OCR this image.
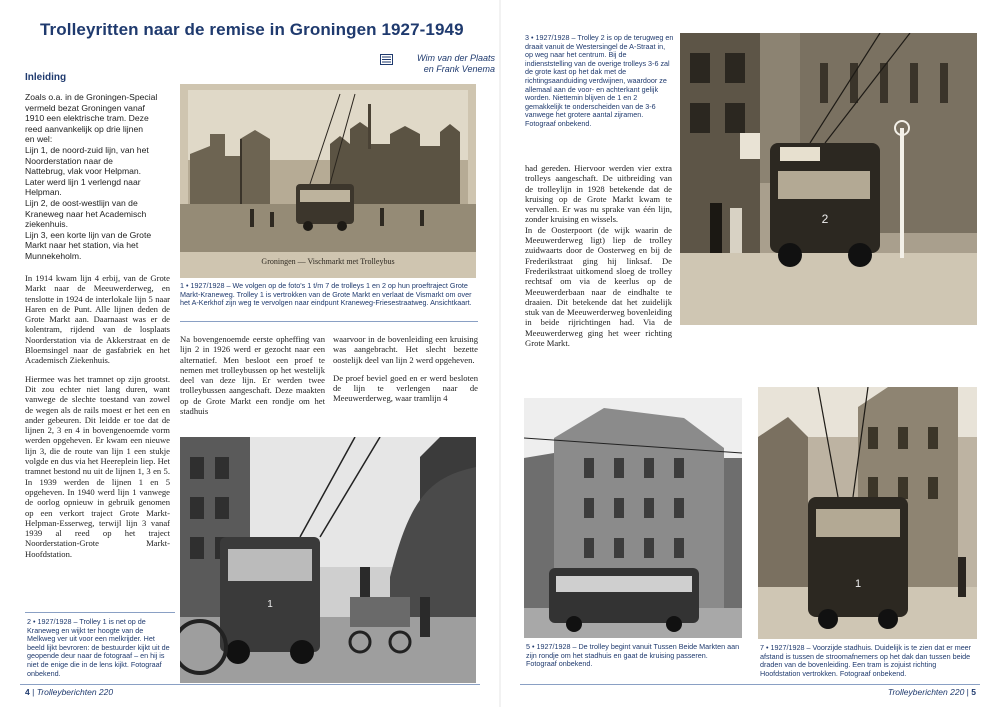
Trolleyritten naar de remise in Groningen 1927-1949
Wim van der Plaats
en Frank Venema
Inleiding

Zoals o.a. in de Groningen-Special

vermeld bezat Groningen vanaf

1910 een elektrische tram. Deze

reed aanvankelijk op drie lijnen

en wel:

Lijn 1, de noord-zuid lijn, van het

Noorderstation naar de

Nattebrug, vlak voor Helpman.

Later werd lijn 1 verlengd naar

Helpman.

Lijn 2, de oost-westlijn van de

Kraneweg naar het Academisch

ziekenhuis.

Lijn 3, een korte lijn van de Grote

Markt naar het station, via het

Munnekeholm.

Groningen — Vischmarkt met Trolleybus
1 • 1927/1928 – We volgen op de foto's 1 t/m 7 de trolleys 1 en 2 op hun proeftraject Grote Markt-Kraneweg. Trolley 1 is vertrokken van de Grote Markt en verlaat de Vismarkt om over het A-Kerkhof zijn weg te vervolgen naar eindpunt Kraneweg-Friesestraatweg. Ansichtkaart.

In 1914 kwam lijn 4 erbij, van de Grote Markt naar de Meeuwerderweg, en tenslotte in 1924 de interlokale lijn 5 naar Haren en de Punt. Alle lijnen deden de Grote Markt aan. Daarnaast was er de kolentram, rijdend van de losplaats Noorderstation via de Akkerstraat en de Bloemsingel naar de gasfabriek en het Academisch Ziekenhuis.

Hiermee was het tramnet op zijn grootst. Dit zou echter niet lang duren, want vanwege de slechte toestand van zowel de wegen als de rails moest er het een en ander gebeuren. Dit leidde er toe dat de lijnen 2, 3 en 4 in bovengenoemde vorm werden opgeheven. Er kwam een nieuwe lijn 3, die de route van lijn 1 een stukje volgde en dus via het Heereplein liep. Het tramnet bestond nu uit de lijnen 1, 3 en 5. In 1939 werden de lijnen 1 en 5 opgeheven. In 1940 werd lijn 1 vanwege de oorlog opnieuw in gebruik genomen op een verkort traject Grote Markt-Helpman-Esserweg, terwijl lijn 3 vanaf 1939 al reed op het traject Noorderstation-Grote Markt-Hoofdstation.

Na bovengenoemde eerste opheffing van lijn 2 in 1926 werd er gezocht naar een alternatief. Men besloot een proef te nemen met trolleybussen op het westelijk deel van deze lijn. Er werden twee trolleybussen aangeschaft. Deze maakten op de Grote Markt een rondje om het stadhuis

waarvoor in de bovenleiding een kruising was aangebracht. Het slecht bezette oostelijk deel van lijn 2 werd opgeheven.

De proef beviel goed en er werd besloten de lijn te verlengen naar de Meeuwerderweg, waar tramlijn 4

1
2 • 1927/1928 – Trolley 1 is net op de Kraneweg en wijkt ter hoogte van de Melkweg ver uit voor een melkrijder. Het beeld lijkt bevroren: de bestuurder kijkt uit de geopende deur naar de fotograaf – en hij is niet de enige die in de lens kijkt. Fotograaf onbekend.
4 | Trolleyberichten 220
3 • 1927/1928 – Trolley 2 is op de terugweg en draait vanuit de Westersingel de A-Straat in, op weg naar het centrum. Bij de indienststelling van de overige trolleys 3-6 zal de grote kast op het dak met de richtingsaanduiding verdwijnen, waardoor ze allemaal aan de voor- en achterkant gelijk worden. Niettemin blijven de 1 en 2 gemakkelijk te onderscheiden van de 3-6 vanwege het grotere aantal zijramen. Fotograaf onbekend.
2

had gereden. Hiervoor werden vier extra trolleys aangeschaft. De uitbreiding van de trolleylijn in 1928 betekende dat de kruising op de Grote Markt kwam te vervallen. Er was nu sprake van één lijn, zonder kruising en wissels.

In de Oosterpoort (de wijk waarin de Meeuwerderweg ligt) liep de trolley zuidwaarts door de Oosterweg en bij de Frederikstraat ging hij linksaf. De Frederikstraat uitkomend sloeg de trolley rechtsaf om via de keerlus op de Meeuwerderbaan naar de eindhalte te draaien. Dit betekende dat het zuidelijk stuk van de Meeuwerderweg bovenleiding in beide rijrichtingen had. Via de Meeuwerderweg ging het weer richting Grote Markt.

5 • 1927/1928 – De trolley begint vanuit Tussen Beide Markten aan zijn rondje om het stadhuis en gaat de kruising passeren. Fotograaf onbekend.
1
7 • 1927/1928 – Voorzijde stadhuis. Duidelijk is te zien dat er meer afstand is tussen de stroomafnemers op het dak dan tussen beide draden van de bovenleiding. Een tram is zojuist richting Hoofdstation vertrokken. Fotograaf onbekend.
Trolleyberichten 220 | 5
